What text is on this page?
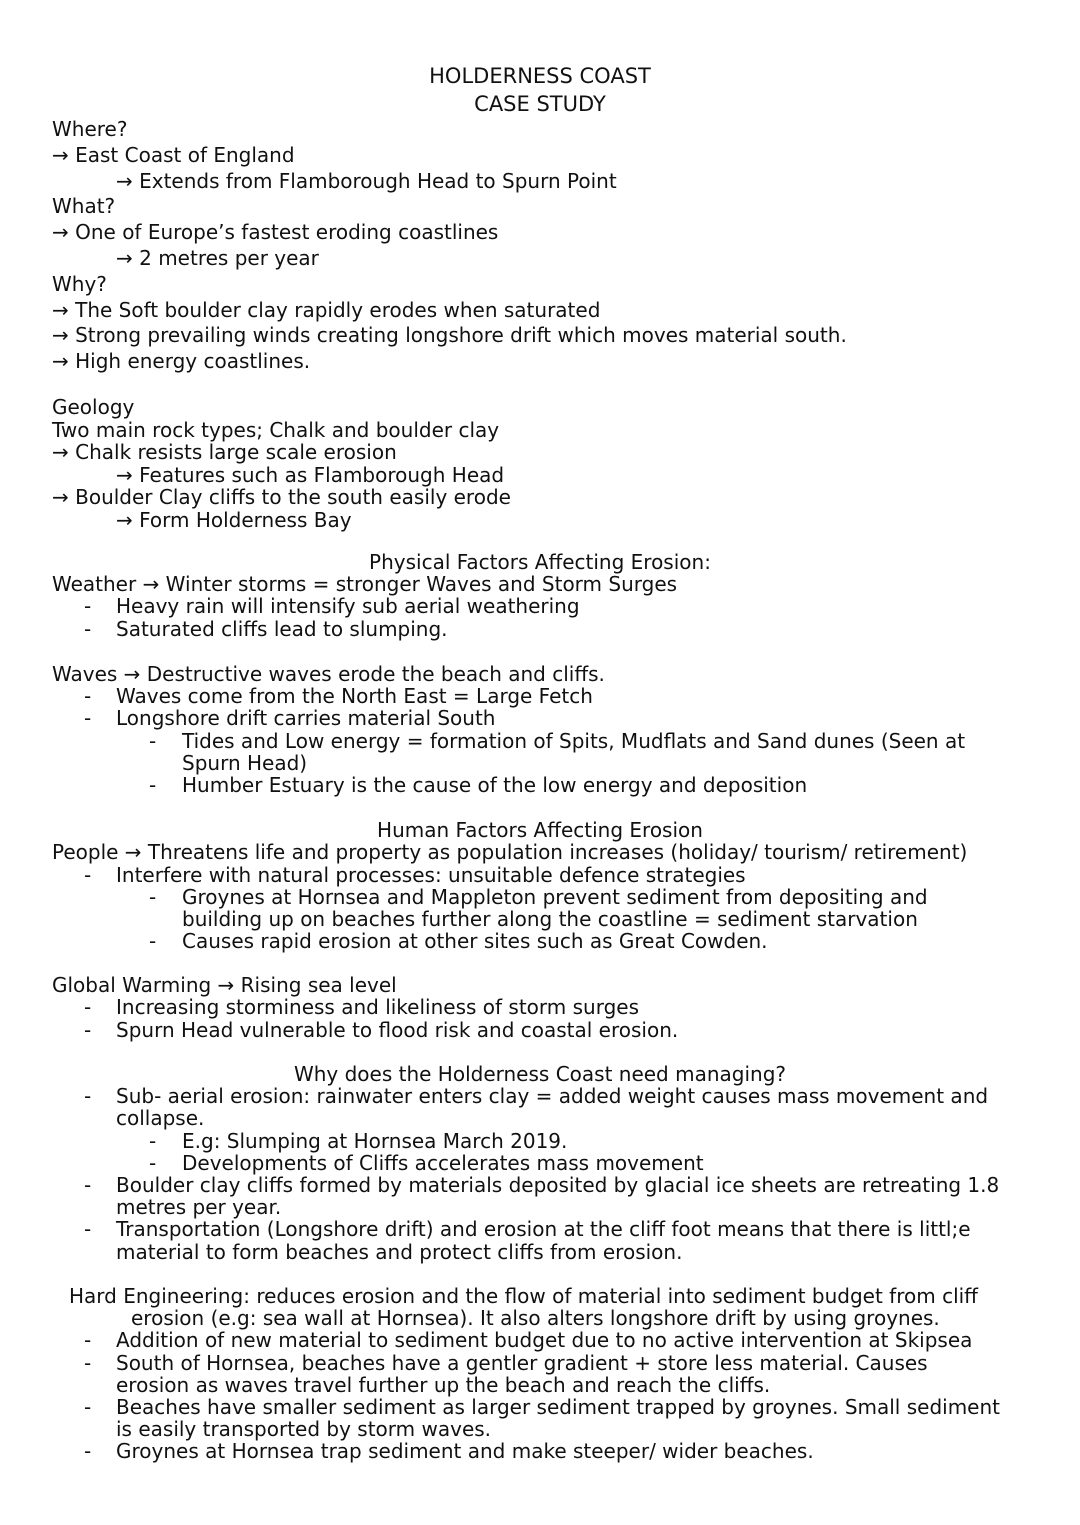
HOLDERNESS COAST
CASE STUDY
Where?
→ East Coast of England
→ Extends from Flamborough Head to Spurn Point
What?
→ One of Europe’s fastest eroding coastlines
→ 2 metres per year
Why?
→ The Soft boulder clay rapidly erodes when saturated
→ Strong prevailing winds creating longshore drift which moves material south.
→ High energy coastlines.
Geology
Two main rock types; Chalk and boulder clay
→ Chalk resists large scale erosion
→ Features such as Flamborough Head
→ Boulder Clay cliffs to the south easily erode
→ Form Holderness Bay
Physical Factors Affecting Erosion:
Weather → Winter storms = stronger Waves and Storm Surges
- Heavy rain will intensify sub aerial weathering
- Saturated cliffs lead to slumping.
Waves → Destructive waves erode the beach and cliffs.
- Waves come from the North East = Large Fetch
- Longshore drift carries material South
- Tides and Low energy = formation of Spits, Mudflats and Sand dunes (Seen at
Spurn Head)
- Humber Estuary is the cause of the low energy and deposition
Human Factors Affecting Erosion
People → Threatens life and property as population increases (holiday/ tourism/ retirement)
- Interfere with natural processes: unsuitable defence strategies
- Groynes at Hornsea and Mappleton prevent sediment from depositing and
building up on beaches further along the coastline = sediment starvation
- Causes rapid erosion at other sites such as Great Cowden.
Global Warming → Rising sea level
- Increasing storminess and likeliness of storm surges
- Spurn Head vulnerable to flood risk and coastal erosion.
Why does the Holderness Coast need managing?
- Sub- aerial erosion: rainwater enters clay = added weight causes mass movement and
collapse.
- E.g: Slumping at Hornsea March 2019.
- Developments of Cliffs accelerates mass movement
- Boulder clay cliffs formed by materials deposited by glacial ice sheets are retreating 1.8
metres per year.
- Transportation (Longshore drift) and erosion at the cliff foot means that there is littl;e
material to form beaches and protect cliffs from erosion.
Hard Engineering: reduces erosion and the flow of material into sediment budget from cliff
erosion (e.g: sea wall at Hornsea). It also alters longshore drift by using groynes.
- Addition of new material to sediment budget due to no active intervention at Skipsea
- South of Hornsea, beaches have a gentler gradient + store less material. Causes
erosion as waves travel further up the beach and reach the cliffs.
- Beaches have smaller sediment as larger sediment trapped by groynes. Small sediment
is easily transported by storm waves.
- Groynes at Hornsea trap sediment and make steeper/ wider beaches.
